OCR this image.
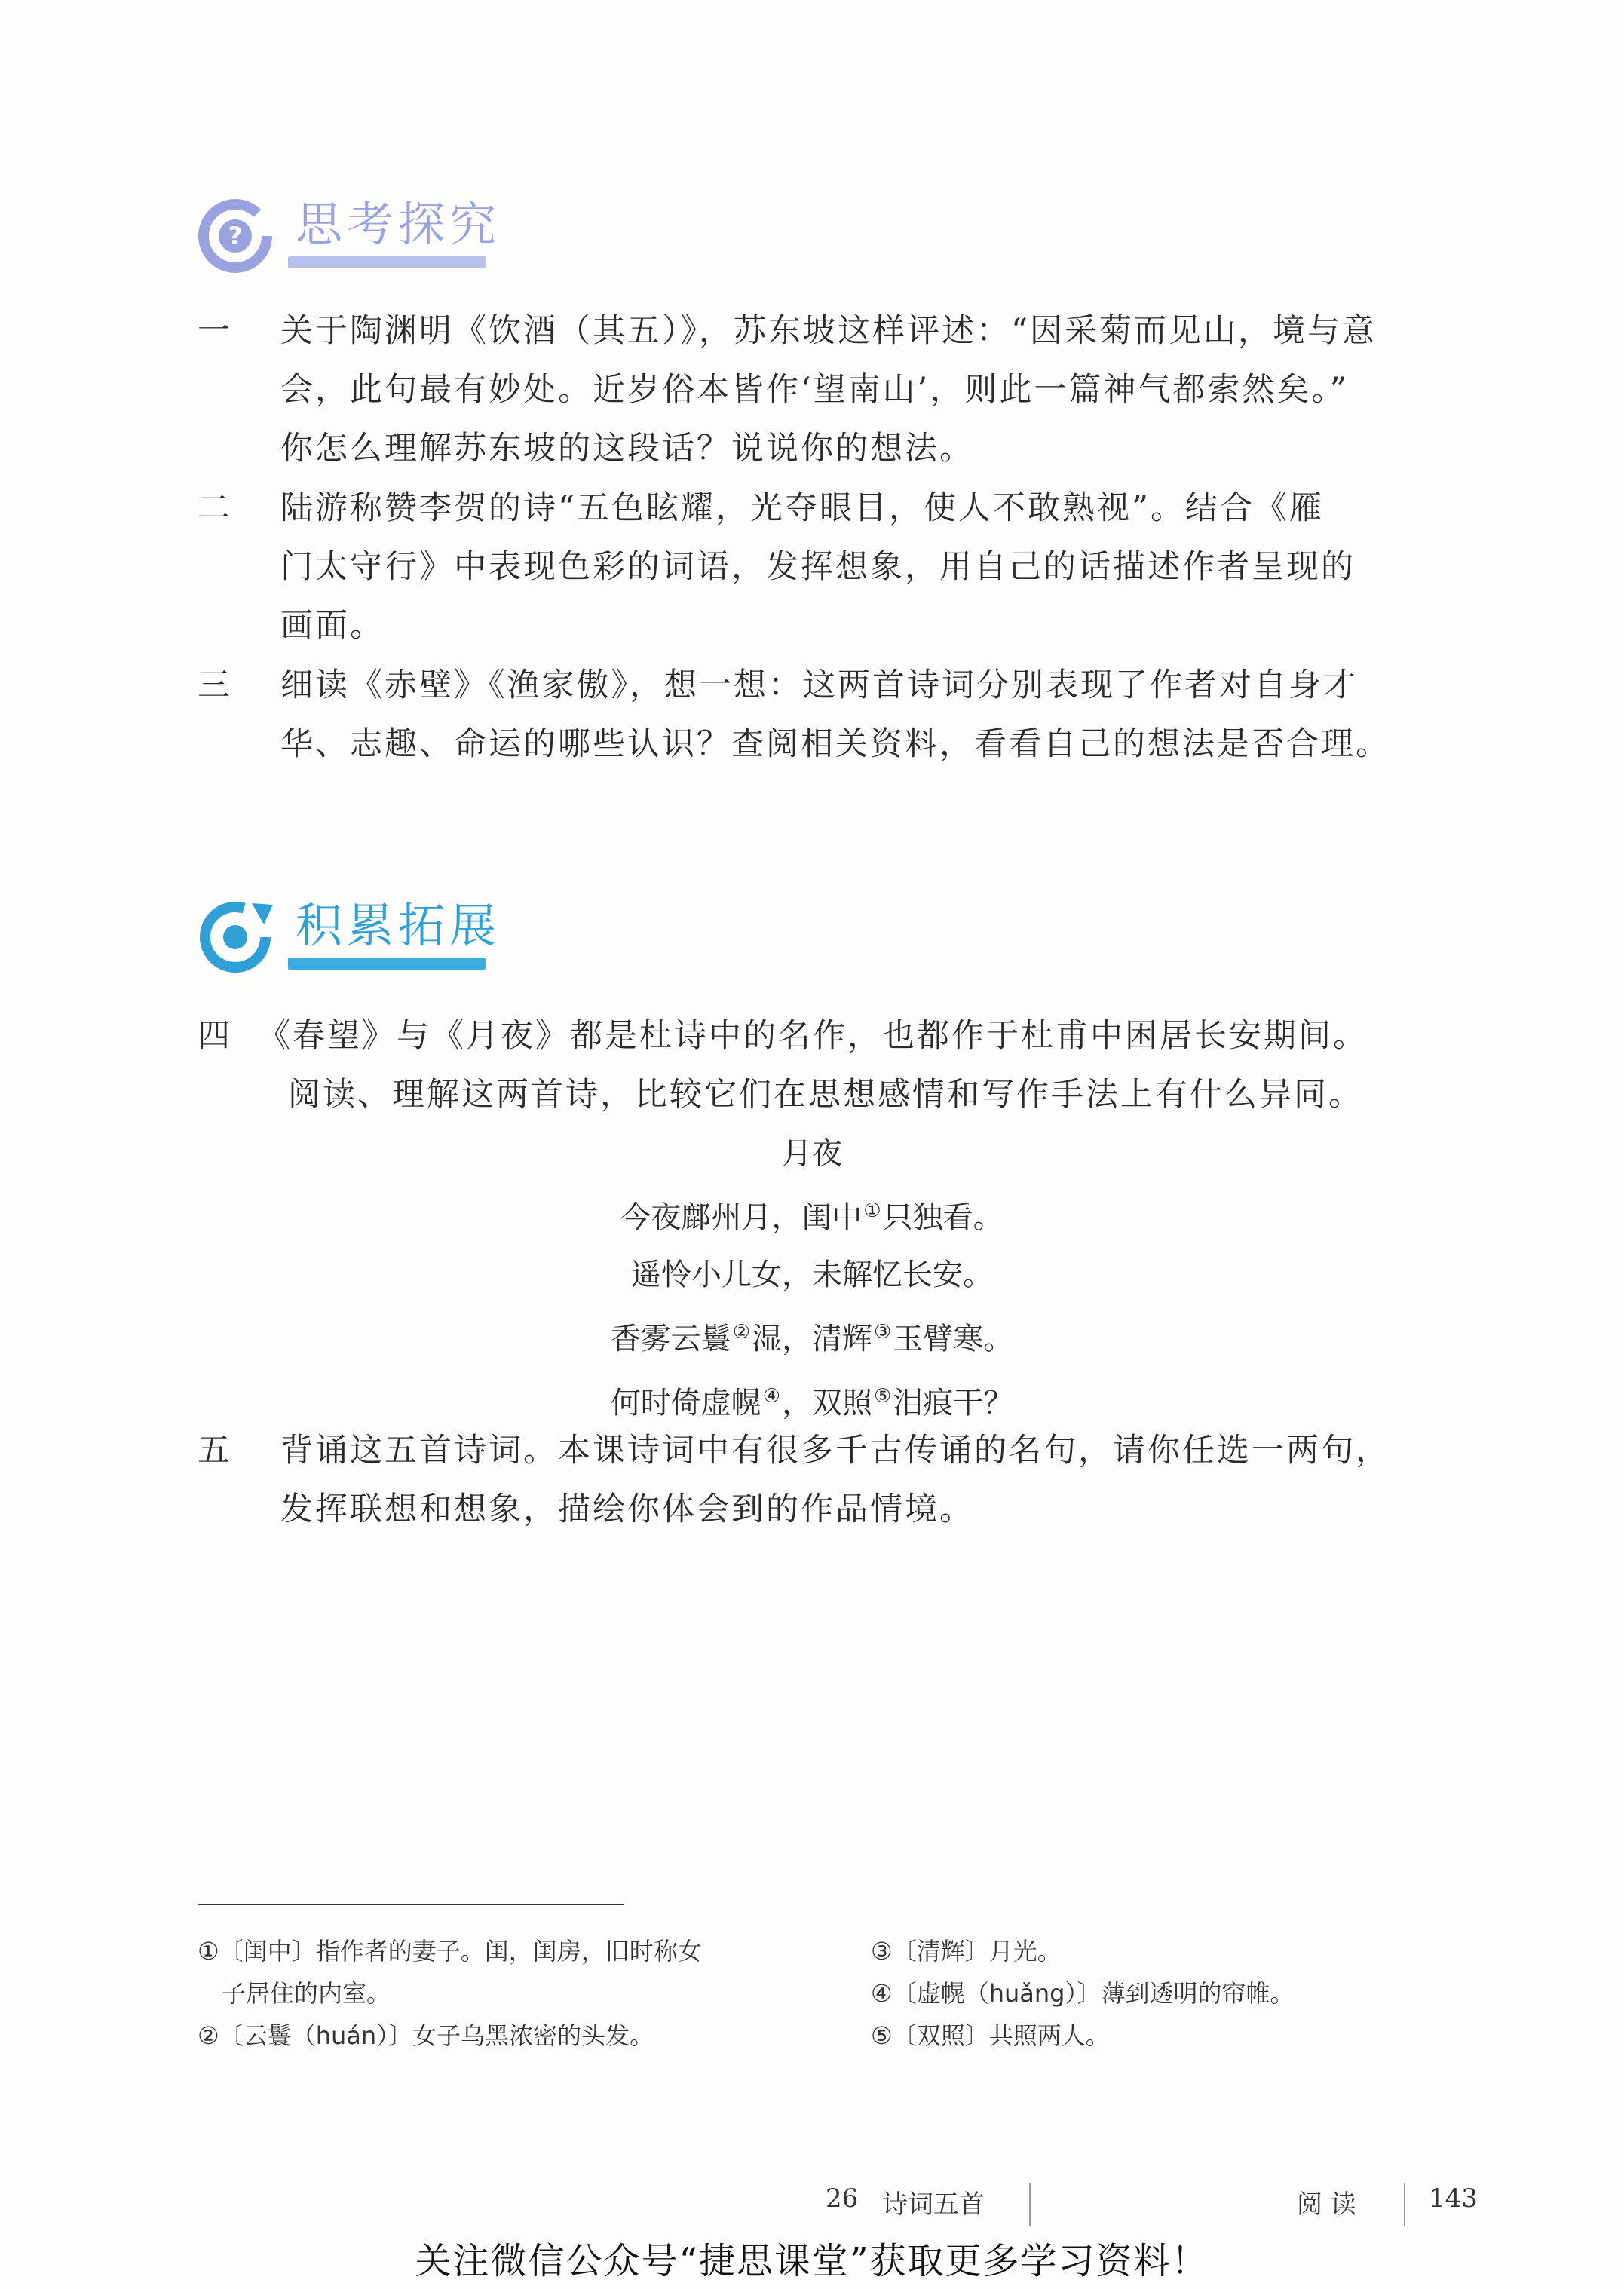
? 思考探究
一	关于陶渊明《饮酒（其五）》，苏东坡这样评述：“因采菊而见山，境与意
会，此句最有妙处。近岁俗本皆作‘望南山’，则此一篇神气都索然矣。”
你怎么理解苏东坡的这段话？说说你的想法。
二	陆游称赞李贺的诗“五色眩耀，光夺眼目，使人不敢熟视”。结合《雁
门太守行》中表现色彩的词语，发挥想象，用自己的话描述作者呈现的
画面。
三	细读《赤壁》《渔家傲》，想一想：这两首诗词分别表现了作者对自身才
华、志趣、命运的哪些认识？查阅相关资料，看看自己的想法是否合理。
积累拓展
四 《春望》与《月夜》都是杜诗中的名作，也都作于杜甫中困居长安期间。
阅读、理解这两首诗，比较它们在思想感情和写作手法上有什么异同。
月夜
今夜鄜州月，闺中①只独看。
遥怜小儿女，未解忆长安。
香雾云鬟②湿，清辉③玉臂寒。
何时倚虚幌④，双照⑤泪痕干？
五	背诵这五首诗词。本课诗词中有很多千古传诵的名句，请你任选一两句，
发挥联想和想象，描绘你体会到的作品情境。
①〔闺中〕指作者的妻子。闺，闺房，旧时称女
　子居住的内室。
②〔云鬟（huán）〕女子乌黑浓密的头发。
③〔清辉〕月光。
④〔虚幌（huǎng）〕薄到透明的帘帷。
⑤〔双照〕共照两人。
26 诗词五首	阅 读	143
关注微信公众号“捷思课堂”获取更多学习资料！
